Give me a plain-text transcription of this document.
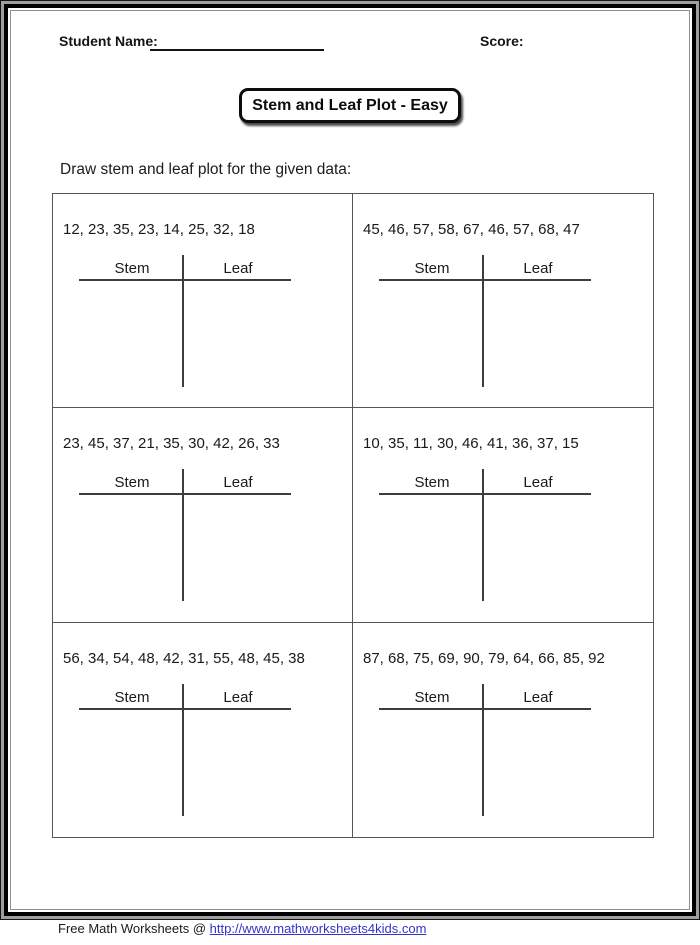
Student Name:	Score:
Stem and Leaf Plot - Easy
Draw stem and leaf plot for the given data:
12, 23, 35, 23, 14, 25, 32, 18
Stem	Leaf
45, 46, 57, 58, 67, 46, 57, 68, 47
Stem	Leaf
23, 45, 37, 21, 35, 30, 42, 26, 33
Stem	Leaf
10, 35, 11, 30, 46, 41, 36, 37, 15
Stem	Leaf
56, 34, 54, 48, 42, 31, 55, 48, 45, 38
Stem	Leaf
87, 68, 75, 69, 90, 79, 64, 66, 85, 92
Stem	Leaf
Free Math Worksheets @ http://www.mathworksheets4kids.com
